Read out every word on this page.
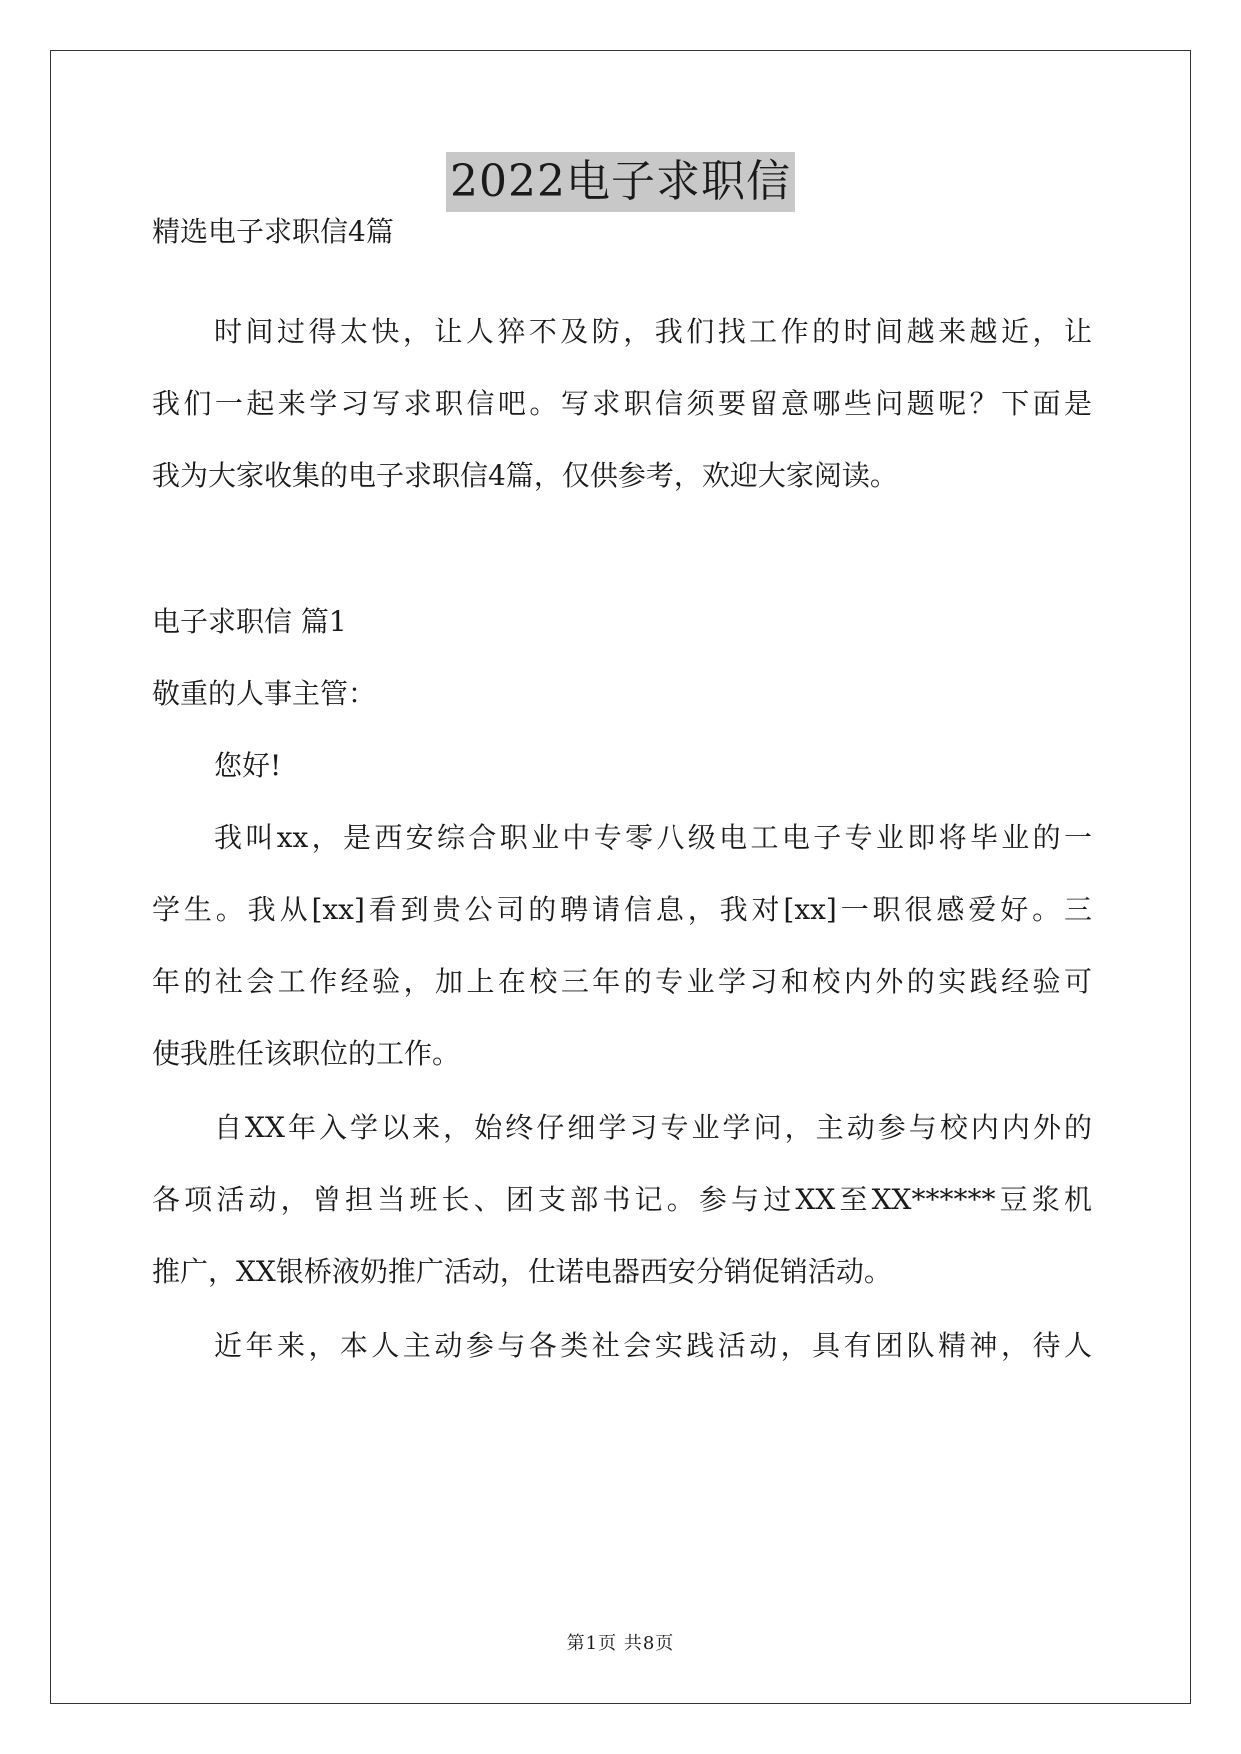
2022电子求职信
精选电子求职信4篇
时间过得太快，让人猝不及防，我们找工作的时间越来越近，让
我们一起来学习写求职信吧。写求职信须要留意哪些问题呢？下面是
我为大家收集的电子求职信4篇，仅供参考，欢迎大家阅读。
电子求职信 篇1
敬重的人事主管：
您好!
我叫xx，是西安综合职业中专零八级电工电子专业即将毕业的一
学生。我从[xx]看到贵公司的聘请信息，我对[xx]一职很感爱好。三
年的社会工作经验，加上在校三年的专业学习和校内外的实践经验可
使我胜任该职位的工作。
自XX年入学以来，始终仔细学习专业学问，主动参与校内内外的
各项活动，曾担当班长、团支部书记。参与过XX至XX******豆浆机
推广，XX银桥液奶推广活动，仕诺电器西安分销促销活动。
近年来，本人主动参与各类社会实践活动，具有团队精神，待人
第1页 共8页
